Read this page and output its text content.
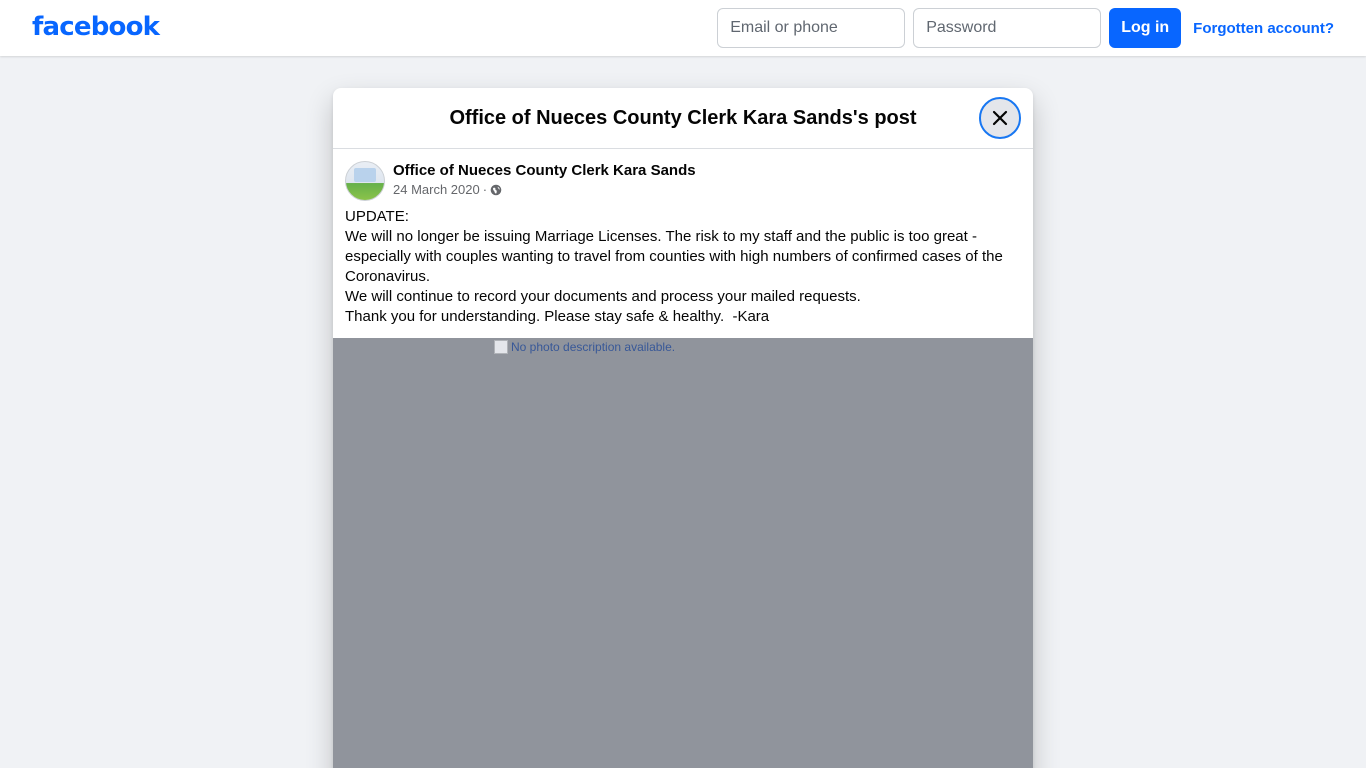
facebook
Email or phone	Log in	Forgotten account?
Office of Nueces County Clerk Kara Sands's post
Office of Nueces County Clerk Kara Sands
24 March 2020 ·

UPDATE:

We will no longer be issuing Marriage Licenses. The risk to my staff and the public is too great - especially with couples wanting to travel from counties with high numbers of confirmed cases of the Coronavirus.

We will continue to record your documents and process your mailed requests.

Thank you for understanding. Please stay safe & healthy.  -Kara

No photo description available.
